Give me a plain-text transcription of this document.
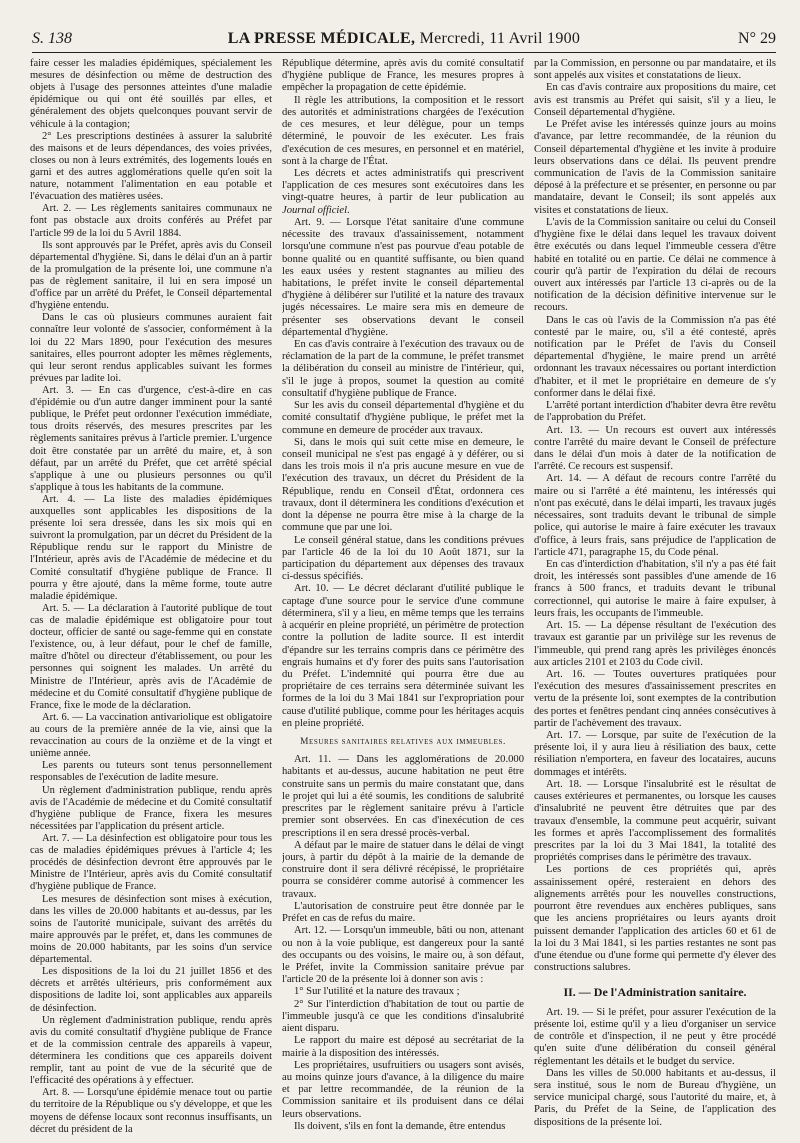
S. 138	LA PRESSE MÉDICALE, Mercredi, 11 Avril 1900	N° 29

faire cesser les maladies épidémiques, spécialement les mesures de désinfection ou même de destruction des objets à l'usage des personnes atteintes d'une maladie épidémique ou qui ont été souillés par elles, et généralement des objets quelconques pouvant servir de véhicule à la contagion;

2° Les prescriptions destinées à assurer la salubrité des maisons et de leurs dépendances, des voies privées, closes ou non à leurs extrémités, des logements loués en garni et des autres agglomérations quelle qu'en soit la nature, notamment l'alimentation en eau potable et l'évacuation des matières usées.

Art. 2. — Les règlements sanitaires communaux ne font pas obstacle aux droits conférés au Préfet par l'article 99 de la loi du 5 Avril 1884.

Ils sont approuvés par le Préfet, après avis du Conseil départemental d'hygiène. Si, dans le délai d'un an à partir de la promulgation de la présente loi, une commune n'a pas de règlement sanitaire, il lui en sera imposé un d'office par un arrêté du Préfet, le Conseil départemental d'hygiène entendu.

Dans le cas où plusieurs communes auraient fait connaître leur volonté de s'associer, conformément à la loi du 22 Mars 1890, pour l'exécution des mesures sanitaires, elles pourront adopter les mêmes règlements, qui leur seront rendus applicables suivant les formes prévues par ladite loi.

Art. 3. — En cas d'urgence, c'est-à-dire en cas d'épidémie ou d'un autre danger imminent pour la santé publique, le Préfet peut ordonner l'exécution immédiate, tous droits réservés, des mesures prescrites par les règlements sanitaires prévus à l'article premier. L'urgence doit être constatée par un arrêté du maire, et, à son défaut, par un arrêté du Préfet, que cet arrêté spécial s'applique à une ou plusieurs personnes ou qu'il s'applique à tous les habitants de la commune.

Art. 4. — La liste des maladies épidémiques auxquelles sont applicables les dispositions de la présente loi sera dressée, dans les six mois qui en suivront la promulgation, par un décret du Président de la République rendu sur le rapport du Ministre de l'Intérieur, après avis de l'Académie de médecine et du Comité consultatif d'hygiène publique de France. Il pourra y être ajouté, dans la même forme, toute autre maladie épidémique.

Art. 5. — La déclaration à l'autorité publique de tout cas de maladie épidémique est obligatoire pour tout docteur, officier de santé ou sage-femme qui en constate l'existence, ou, à leur défaut, pour le chef de famille, maître d'hôtel ou directeur d'établissement, ou pour les personnes qui soignent les malades. Un arrêté du Ministre de l'Intérieur, après avis de l'Académie de médecine et du Comité consultatif d'hygiène publique de France, fixe le mode de la déclaration.

Art. 6. — La vaccination antivariolique est obligatoire au cours de la première année de la vie, ainsi que la revaccination au cours de la onzième et de la vingt et unième année.

Les parents ou tuteurs sont tenus personnellement responsables de l'exécution de ladite mesure.

Un règlement d'administration publique, rendu après avis de l'Académie de médecine et du Comité consultatif d'hygiène publique de France, fixera les mesures nécessitées par l'application du présent article.

Art. 7. — La désinfection est obligatoire pour tous les cas de maladies épidémiques prévues à l'article 4; les procédés de désinfection devront être approuvés par le Ministre de l'Intérieur, après avis du Comité consultatif d'hygiène publique de France.

Les mesures de désinfection sont mises à exécution, dans les villes de 20.000 habitants et au-dessus, par les soins de l'autorité municipale, suivant des arrêtés du maire approuvés par le préfet, et, dans les communes de moins de 20.000 habitants, par les soins d'un service départemental.

Les dispositions de la loi du 21 juillet 1856 et des décrets et arrêtés ultérieurs, pris conformément aux dispositions de ladite loi, sont applicables aux appareils de désinfection.

Un règlement d'administration publique, rendu après avis du comité consultatif d'hygiène publique de France et de la commission centrale des appareils à vapeur, déterminera les conditions que ces appareils doivent remplir, tant au point de vue de la sécurité que de l'efficacité des opérations à y effectuer.

Art. 8. — Lorsqu'une épidémie menace tout ou partie du territoire de la République ou s'y développe, et que les moyens de défense locaux sont reconnus insuffisants, un décret du président de la

République détermine, après avis du comité consultatif d'hygiène publique de France, les mesures propres à empêcher la propagation de cette épidémie.

Il règle les attributions, la composition et le ressort des autorités et administrations chargées de l'exécution de ces mesures, et leur délègue, pour un temps déterminé, le pouvoir de les exécuter. Les frais d'exécution de ces mesures, en personnel et en matériel, sont à la charge de l'État.

Les décrets et actes administratifs qui prescrivent l'application de ces mesures sont exécutoires dans les vingt-quatre heures, à partir de leur publication au Journal officiel.

Art. 9. — Lorsque l'état sanitaire d'une commune nécessite des travaux d'assainissement, notamment lorsqu'une commune n'est pas pourvue d'eau potable de bonne qualité ou en quantité suffisante, ou bien quand les eaux usées y restent stagnantes au milieu des habitations, le préfet invite le conseil départemental d'hygiène à délibérer sur l'utilité et la nature des travaux jugés nécessaires. Le maire sera mis en demeure de présenter ses observations devant le conseil départemental d'hygiène.

En cas d'avis contraire à l'exécution des travaux ou de réclamation de la part de la commune, le préfet transmet la délibération du conseil au ministre de l'intérieur, qui, s'il le juge à propos, soumet la question au comité consultatif d'hygiène publique de France.

Sur les avis du conseil départemental d'hygiène et du comité consultatif d'hygiène publique, le préfet met la commune en demeure de procéder aux travaux.

Si, dans le mois qui suit cette mise en demeure, le conseil municipal ne s'est pas engagé à y déférer, ou si dans les trois mois il n'a pris aucune mesure en vue de l'exécution des travaux, un décret du Président de la République, rendu en Conseil d'État, ordonnera ces travaux, dont il déterminera les conditions d'exécution et dont la dépense ne pourra être mise à la charge de la commune que par une loi.

Le conseil général statue, dans les conditions prévues par l'article 46 de la loi du 10 Août 1871, sur la participation du département aux dépenses des travaux ci-dessus spécifiés.

Art. 10. — Le décret déclarant d'utilité publique le captage d'une source pour le service d'une commune déterminera, s'il y a lieu, en même temps que les terrains à acquérir en pleine propriété, un périmètre de protection contre la pollution de ladite source. Il est interdit d'épandre sur les terrains compris dans ce périmètre des engrais humains et d'y forer des puits sans l'autorisation du Préfet. L'indemnité qui pourra être due au propriétaire de ces terrains sera déterminée suivant les formes de la loi du 3 Mai 1841 sur l'expropriation pour cause d'utilité publique, comme pour les héritages acquis en pleine propriété.

Mesures sanitaires relatives aux immeubles.

Art. 11. — Dans les agglomérations de 20.000 habitants et au-dessus, aucune habitation ne peut être construite sans un permis du maire constatant que, dans le projet qui lui a été soumis, les conditions de salubrité prescrites par le règlement sanitaire prévu à l'article premier sont observées. En cas d'inexécution de ces prescriptions il en sera dressé procès-verbal.

A défaut par le maire de statuer dans le délai de vingt jours, à partir du dépôt à la mairie de la demande de construire dont il sera délivré récépissé, le propriétaire pourra se considérer comme autorisé à commencer les travaux.

L'autorisation de construire peut être donnée par le Préfet en cas de refus du maire.

Art. 12. — Lorsqu'un immeuble, bâti ou non, attenant ou non à la voie publique, est dangereux pour la santé des occupants ou des voisins, le maire ou, à son défaut, le Préfet, invite la Commission sanitaire prévue par l'article 20 de la présente loi à donner son avis :

1° Sur l'utilité et la nature des travaux ;

2° Sur l'interdiction d'habitation de tout ou partie de l'immeuble jusqu'à ce que les conditions d'insalubrité aient disparu.

Le rapport du maire est déposé au secrétariat de la mairie à la disposition des intéressés.

Les propriétaires, usufruitiers ou usagers sont avisés, au moins quinze jours d'avance, à la diligence du maire et par lettre recommandée, de la réunion de la Commission sanitaire et ils produisent dans ce délai leurs observations.

Ils doivent, s'ils en font la demande, être entendus

par la Commission, en personne ou par mandataire, et ils sont appelés aux visites et constatations de lieux.

En cas d'avis contraire aux propositions du maire, cet avis est transmis au Préfet qui saisit, s'il y a lieu, le Conseil départemental d'hygiène.

Le Préfet avise les intéressés quinze jours au moins d'avance, par lettre recommandée, de la réunion du Conseil départemental d'hygiène et les invite à produire leurs observations dans ce délai. Ils peuvent prendre communication de l'avis de la Commission sanitaire déposé à la préfecture et se présenter, en personne ou par mandataire, devant le Conseil; ils sont appelés aux visites et constatations de lieux.

L'avis de la Commission sanitaire ou celui du Conseil d'hygiène fixe le délai dans lequel les travaux doivent être exécutés ou dans lequel l'immeuble cessera d'être habité en totalité ou en partie. Ce délai ne commence à courir qu'à partir de l'expiration du délai de recours ouvert aux intéressés par l'article 13 ci-après ou de la notification de la décision définitive intervenue sur le recours.

Dans le cas où l'avis de la Commission n'a pas été contesté par le maire, ou, s'il a été contesté, après notification par le Préfet de l'avis du Conseil départemental d'hygiène, le maire prend un arrêté ordonnant les travaux nécessaires ou portant interdiction d'habiter, et il met le propriétaire en demeure de s'y conformer dans le délai fixé.

L'arrêté portant interdiction d'habiter devra être revêtu de l'approbation du Préfet.

Art. 13. — Un recours est ouvert aux intéressés contre l'arrêté du maire devant le Conseil de préfecture dans le délai d'un mois à dater de la notification de l'arrêté. Ce recours est suspensif.

Art. 14. — A défaut de recours contre l'arrêté du maire ou si l'arrêté a été maintenu, les intéressés qui n'ont pas exécuté, dans le délai imparti, les travaux jugés nécessaires, sont traduits devant le tribunal de simple police, qui autorise le maire à faire exécuter les travaux d'office, à leurs frais, sans préjudice de l'application de l'article 471, paragraphe 15, du Code pénal.

En cas d'interdiction d'habitation, s'il n'y a pas été fait droit, les intéressés sont passibles d'une amende de 16 francs à 500 francs, et traduits devant le tribunal correctionnel, qui autorise le maire à faire expulser, à leurs frais, les occupants de l'immeuble.

Art. 15. — La dépense résultant de l'exécution des travaux est garantie par un privilège sur les revenus de l'immeuble, qui prend rang après les privilèges énoncés aux articles 2101 et 2103 du Code civil.

Art. 16. — Toutes ouvertures pratiquées pour l'exécution des mesures d'assainissement prescrites en vertu de la présente loi, sont exemptes de la contribution des portes et fenêtres pendant cinq années consécutives à partir de l'achèvement des travaux.

Art. 17. — Lorsque, par suite de l'exécution de la présente loi, il y aura lieu à résiliation des baux, cette résiliation n'emportera, en faveur des locataires, aucuns dommages et intérêts.

Art. 18. — Lorsque l'insalubrité est le résultat de causes extérieures et permanentes, ou lorsque les causes d'insalubrité ne peuvent être détruites que par des travaux d'ensemble, la commune peut acquérir, suivant les formes et après l'accomplissement des formalités prescrites par la loi du 3 Mai 1841, la totalité des propriétés comprises dans le périmètre des travaux.

Les portions de ces propriétés qui, après assainissement opéré, resteraient en dehors des alignements arrêtés pour les nouvelles constructions, pourront être revendues aux enchères publiques, sans que les anciens propriétaires ou leurs ayants droit puissent demander l'application des articles 60 et 61 de la loi du 3 Mai 1841, si les parties restantes ne sont pas d'une étendue ou d'une forme qui permette d'y élever des constructions salubres.

II. — De l'Administration sanitaire.

Art. 19. — Si le préfet, pour assurer l'exécution de la présente loi, estime qu'il y a lieu d'organiser un service de contrôle et d'inspection, il ne peut y être procédé qu'en suite d'une délibération du conseil général réglementant les détails et le budget du service.

Dans les villes de 50.000 habitants et au-dessus, il sera institué, sous le nom de Bureau d'hygiène, un service municipal chargé, sous l'autorité du maire, et, à Paris, du Préfet de la Seine, de l'application des dispositions de la présente loi.
